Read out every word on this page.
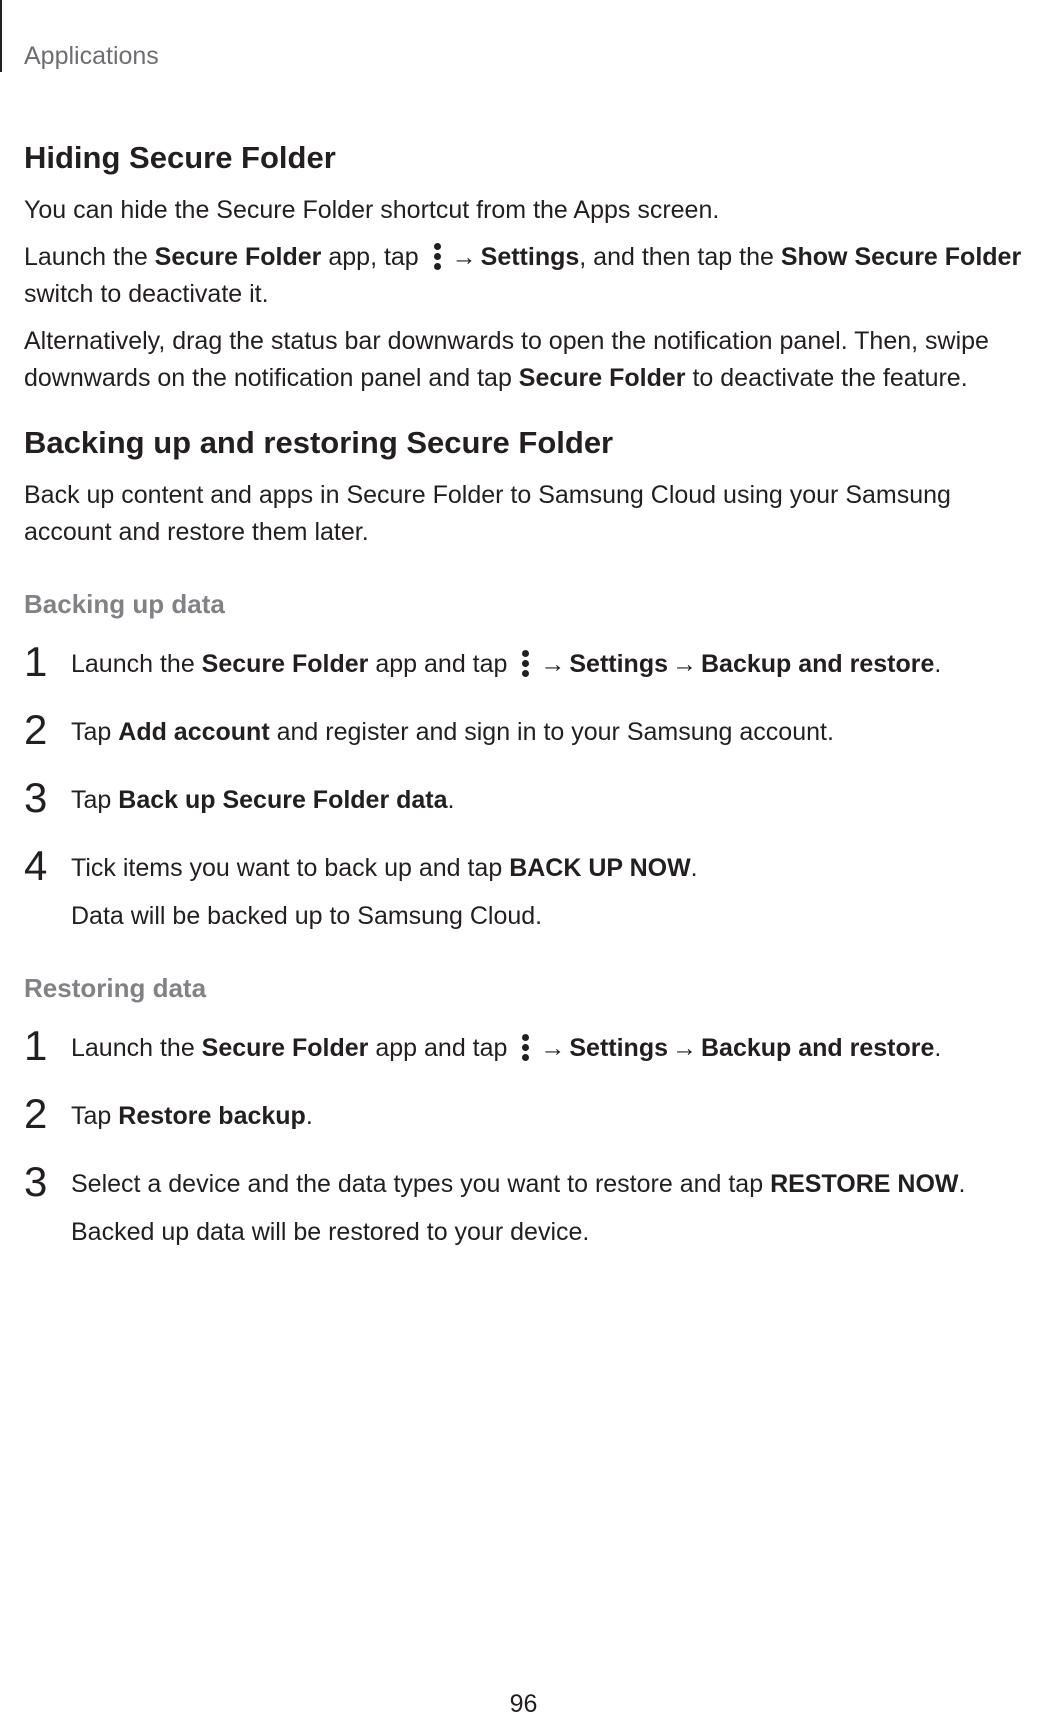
Applications
Hiding Secure Folder

You can hide the Secure Folder shortcut from the Apps screen.

Launch the Secure Folder app, tap
→ Settings, and then tap the Show Secure Folder switch to deactivate it.

Alternatively, drag the status bar downwards to open the notification panel. Then, swipe downwards on the notification panel and tap Secure Folder to deactivate the feature.

Backing up and restoring Secure Folder

Back up content and apps in Secure Folder to Samsung Cloud using your Samsung account and restore them later.

Backing up data
1 Launch the Secure Folder app and tap
→ Settings → Backup and restore.
2 Tap Add account and register and sign in to your Samsung account.
3 Tap Back up Secure Folder data.
4 Tick items you want to back up and tap BACK UP NOW.
Data will be backed up to Samsung Cloud.
Restoring data
1 Launch the Secure Folder app and tap
→ Settings → Backup and restore.
2 Tap Restore backup.
3 Select a device and the data types you want to restore and tap RESTORE NOW.
Backed up data will be restored to your device.
96
